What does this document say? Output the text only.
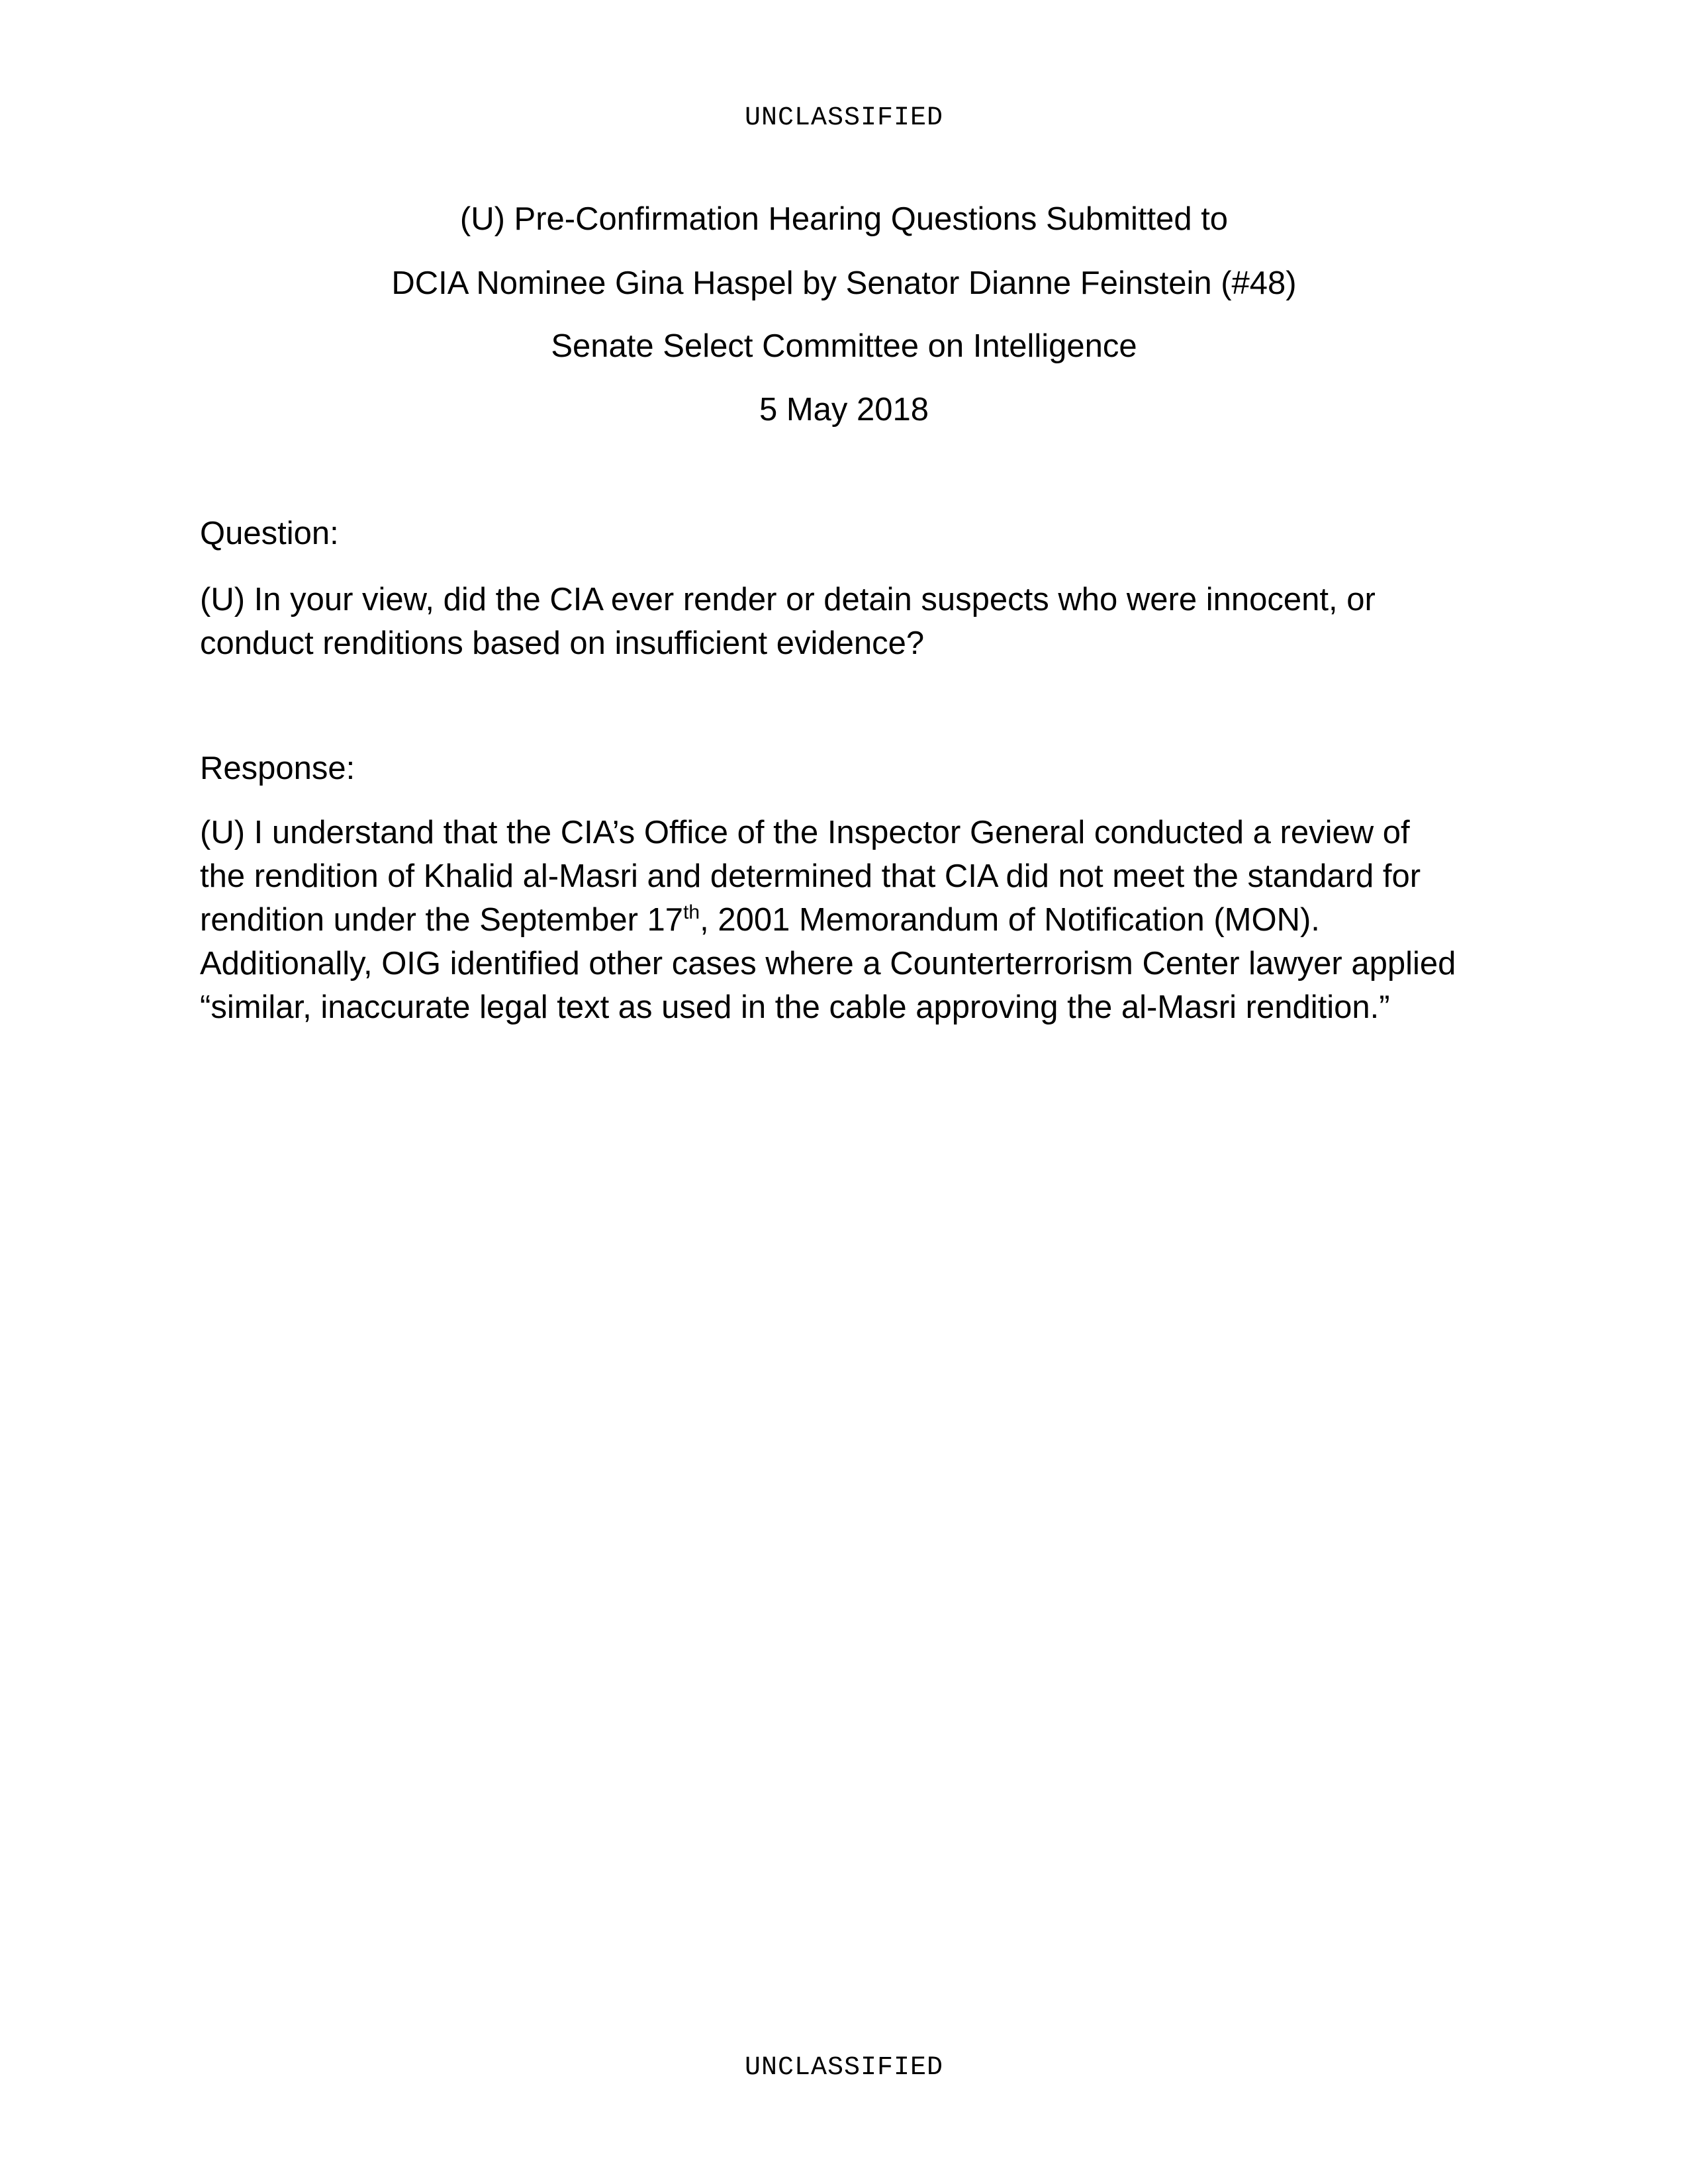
UNCLASSIFIED
(U) Pre-Confirmation Hearing Questions Submitted to
DCIA Nominee Gina Haspel by Senator Dianne Feinstein (#48)
Senate Select Committee on Intelligence
5 May 2018
Question:
(U) In your view, did the CIA ever render or detain suspects who were innocent, or
conduct renditions based on insufficient evidence?
Response:
(U) I understand that the CIA’s Office of the Inspector General conducted a review of
the rendition of Khalid al-Masri and determined that CIA did not meet the standard for
rendition under the September 17th, 2001 Memorandum of Notification (MON).
Additionally, OIG identified other cases where a Counterterrorism Center lawyer applied
“similar, inaccurate legal text as used in the cable approving the al-Masri rendition.”
UNCLASSIFIED
